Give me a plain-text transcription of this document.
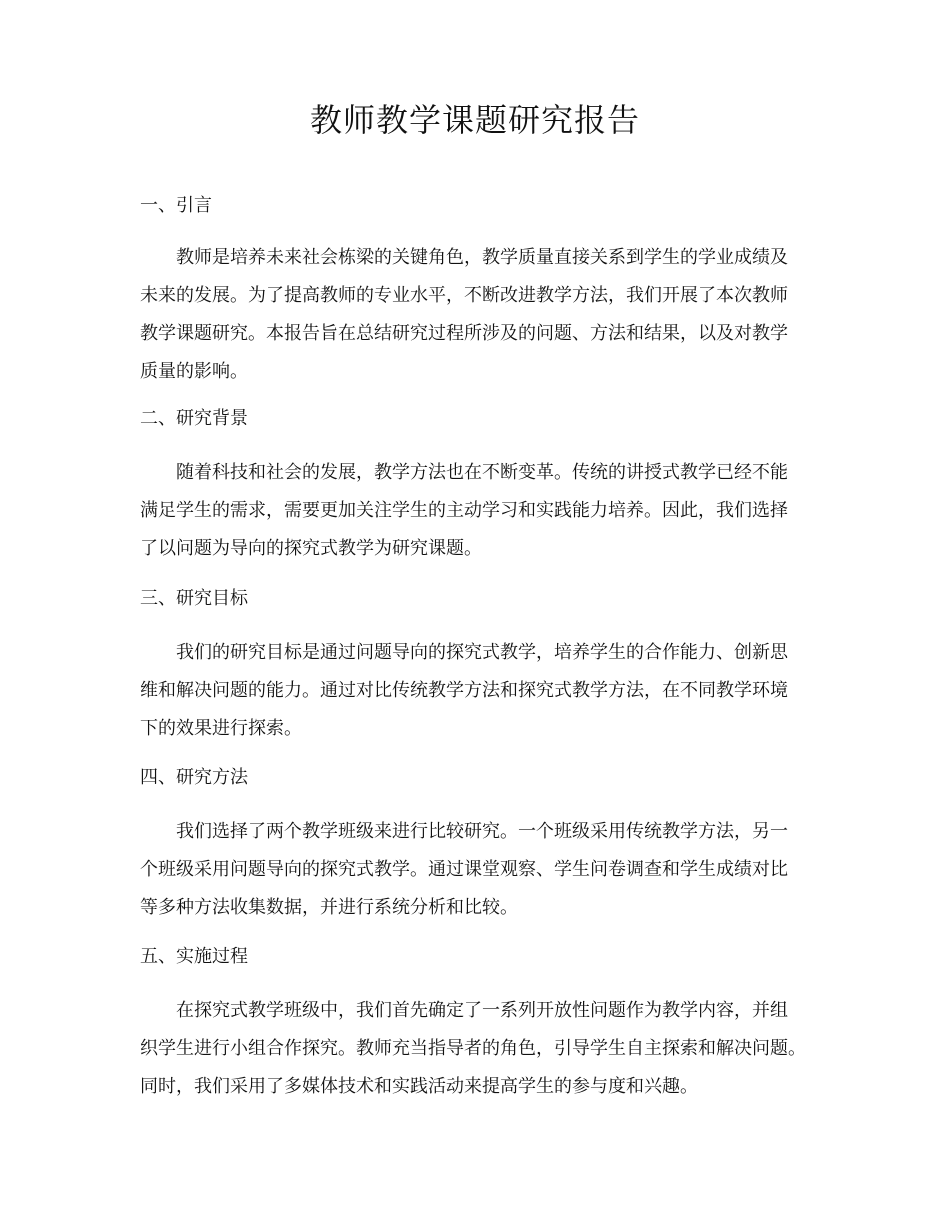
教师教学课题研究报告
一、引言
教师是培养未来社会栋梁的关键角色，教学质量直接关系到学生的学业成绩及
未来的发展。为了提高教师的专业水平，不断改进教学方法，我们开展了本次教师
教学课题研究。本报告旨在总结研究过程所涉及的问题、方法和结果，以及对教学
质量的影响。
二、研究背景
随着科技和社会的发展，教学方法也在不断变革。传统的讲授式教学已经不能
满足学生的需求，需要更加关注学生的主动学习和实践能力培养。因此，我们选择
了以问题为导向的探究式教学为研究课题。
三、研究目标
我们的研究目标是通过问题导向的探究式教学，培养学生的合作能力、创新思
维和解决问题的能力。通过对比传统教学方法和探究式教学方法，在不同教学环境
下的效果进行探索。
四、研究方法
我们选择了两个教学班级来进行比较研究。一个班级采用传统教学方法，另一
个班级采用问题导向的探究式教学。通过课堂观察、学生问卷调查和学生成绩对比
等多种方法收集数据，并进行系统分析和比较。
五、实施过程
在探究式教学班级中，我们首先确定了一系列开放性问题作为教学内容，并组
织学生进行小组合作探究。教师充当指导者的角色，引导学生自主探索和解决问题。
同时，我们采用了多媒体技术和实践活动来提高学生的参与度和兴趣。
